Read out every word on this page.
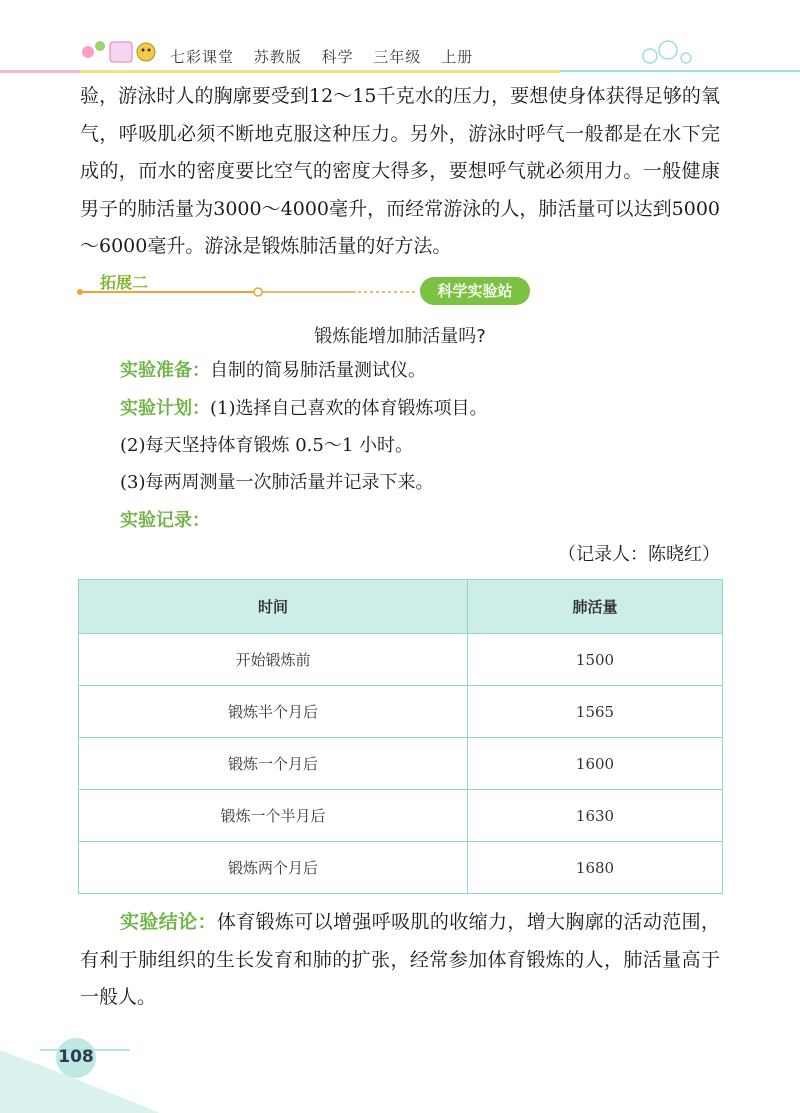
七彩课堂 苏教版 科学 三年级 上册

验，游泳时人的胸廓要受到12～15千克水的压力，要想使身体获得足够的氧气，呼吸肌必须不断地克服这种压力。另外，游泳时呼气一般都是在水下完成的，而水的密度要比空气的密度大得多，要想呼气就必须用力。一般健康男子的肺活量为3000～4000毫升，而经常游泳的人，肺活量可以达到5000～6000毫升。游泳是锻炼肺活量的好方法。

拓展二	科学实验站
锻炼能增加肺活量吗?
实验准备：自制的简易肺活量测试仪。
实验计划：(1)选择自己喜欢的体育锻炼项目。
(2)每天坚持体育锻炼 0.5～1 小时。
(3)每两周测量一次肺活量并记录下来。
实验记录：
（记录人：陈晓红）
时间	肺活量
开始锻炼前	1500
锻炼半个月后	1565
锻炼一个月后	1600
锻炼一个半月后	1630
锻炼两个月后	1680

实验结论：体育锻炼可以增强呼吸肌的收缩力，增大胸廓的活动范围，有利于肺组织的生长发育和肺的扩张，经常参加体育锻炼的人，肺活量高于一般人。

108
